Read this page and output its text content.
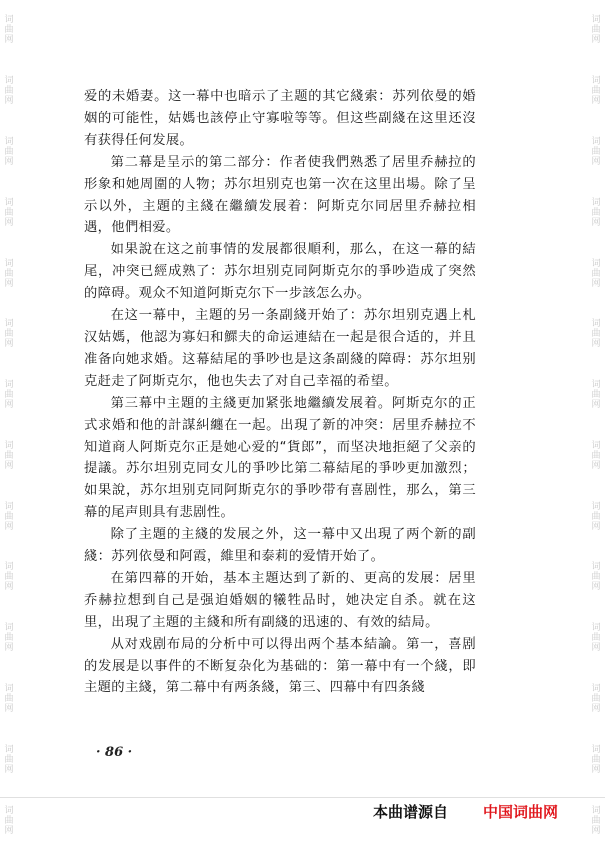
词
曲
网
词
曲
网
词
曲
网
词
曲
网
词
曲
网
词
曲
网
词
曲
网
词
曲
网
词
曲
网
词
曲
网
词
曲
网
词
曲
网
词
曲
网
词
曲
网
词
曲
网
词
曲
网
词
曲
网
词
曲
网
词
曲
网
词
曲
网
词
曲
网
词
曲
网
词
曲
网
词
曲
网
词
曲
网
词
曲
网
词
曲
网
词
曲
网

爱的未婚妻。这一幕中也暗示了主题的其它綫索：苏列依曼的婚姻的可能性，姑媽也該停止守寡啦等等。但这些副綫在这里还沒有获得任何发展。

第二幕是呈示的第二部分：作者使我們熟悉了居里乔赫拉的形象和她周圍的人物；苏尔坦别克也第一次在这里出場。除了呈示以外，主題的主綫在繼續发展着：阿斯克尔同居里乔赫拉相遇，他們相爱。

如果說在这之前事情的发展都很順利，那么，在这一幕的結尾，冲突已經成熟了：苏尔坦别克同阿斯克尔的爭吵造成了突然的障碍。观众不知道阿斯克尔下一步該怎么办。

在这一幕中，主題的另一条副綫开始了：苏尔坦别克遇上札汉姑媽，他認为寡妇和鰥夫的命运連結在一起是很合适的，并且准备向她求婚。这幕結尾的爭吵也是这条副綫的障碍：苏尔坦别克赶走了阿斯克尔，他也失去了对自己幸福的希望。

第三幕中主題的主綫更加紧张地繼續发展着。阿斯克尔的正式求婚和他的計謀糾纏在一起。出現了新的冲突：居里乔赫拉不知道商人阿斯克尔正是她心爱的“貨郎”，而坚决地拒絕了父亲的提議。苏尔坦别克同女儿的爭吵比第二幕結尾的爭吵更加激烈；如果說，苏尔坦别克同阿斯克尔的爭吵带有喜剧性，那么，第三幕的尾声則具有悲剧性。

除了主題的主綫的发展之外，这一幕中又出現了两个新的副綫：苏列依曼和阿霞，維里和泰莉的爱情开始了。

在第四幕的开始，基本主題达到了新的、更高的发展：居里乔赫拉想到自己是强迫婚姻的犧牲品时，她决定自杀。就在这里，出現了主題的主綫和所有副綫的迅速的、有效的結局。

从对戏剧布局的分析中可以得出两个基本結論。第一，喜剧的发展是以事件的不断复杂化为基础的：第一幕中有一个綫，即主題的主綫，第二幕中有两条綫，第三、四幕中有四条綫

· 86 ·
本曲谱源自 中国词曲网
